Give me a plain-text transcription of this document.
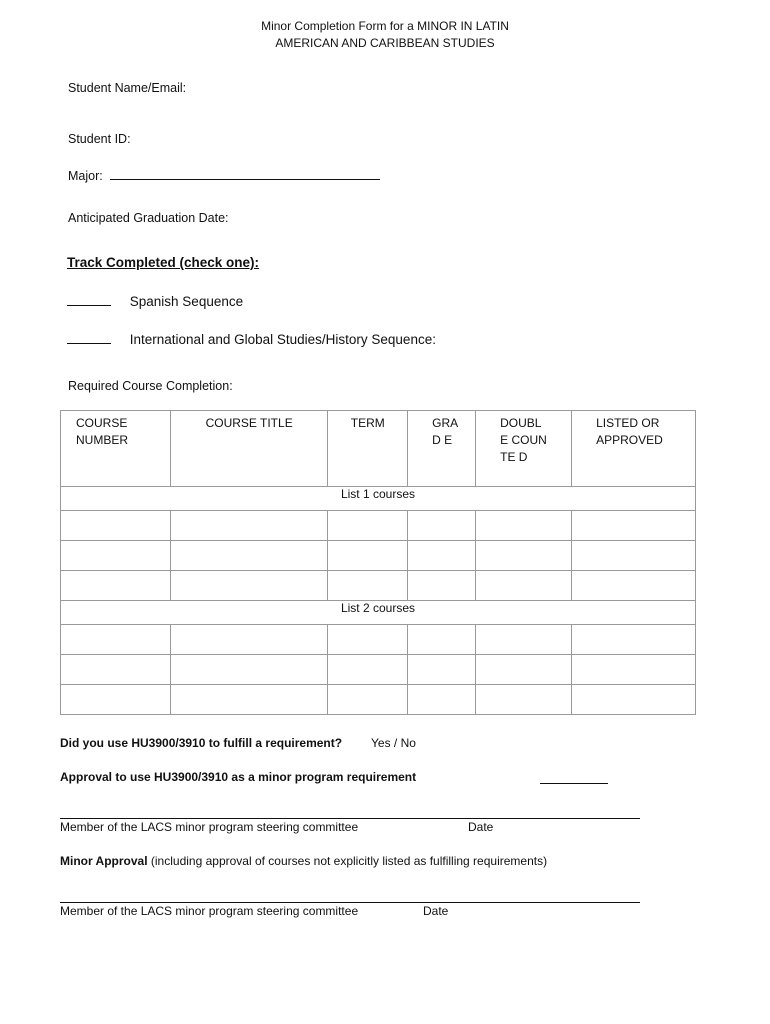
Minor Completion Form for a MINOR IN LATIN
AMERICAN AND CARIBBEAN STUDIES
Student Name/Email:
Student ID:
Major:
Anticipated Graduation Date:
Track Completed (check one):
Spanish Sequence
International and Global Studies/History Sequence:
Required Course Completion:
COURSE NUMBER	COURSE TITLE	TERM	GRAD E	DOUBL E COUNTE D	LISTED OR APPROVED

List 1 courses					

List 2 courses					

Did you use HU3900/3910 to fulfill a requirement? Yes / No
Approval to use HU3900/3910 as a minor program requirement
Member of the LACS minor program steering committee	Date
Minor Approval (including approval of courses not explicitly listed as fulfilling requirements)
Member of the LACS minor program steering committee	Date
